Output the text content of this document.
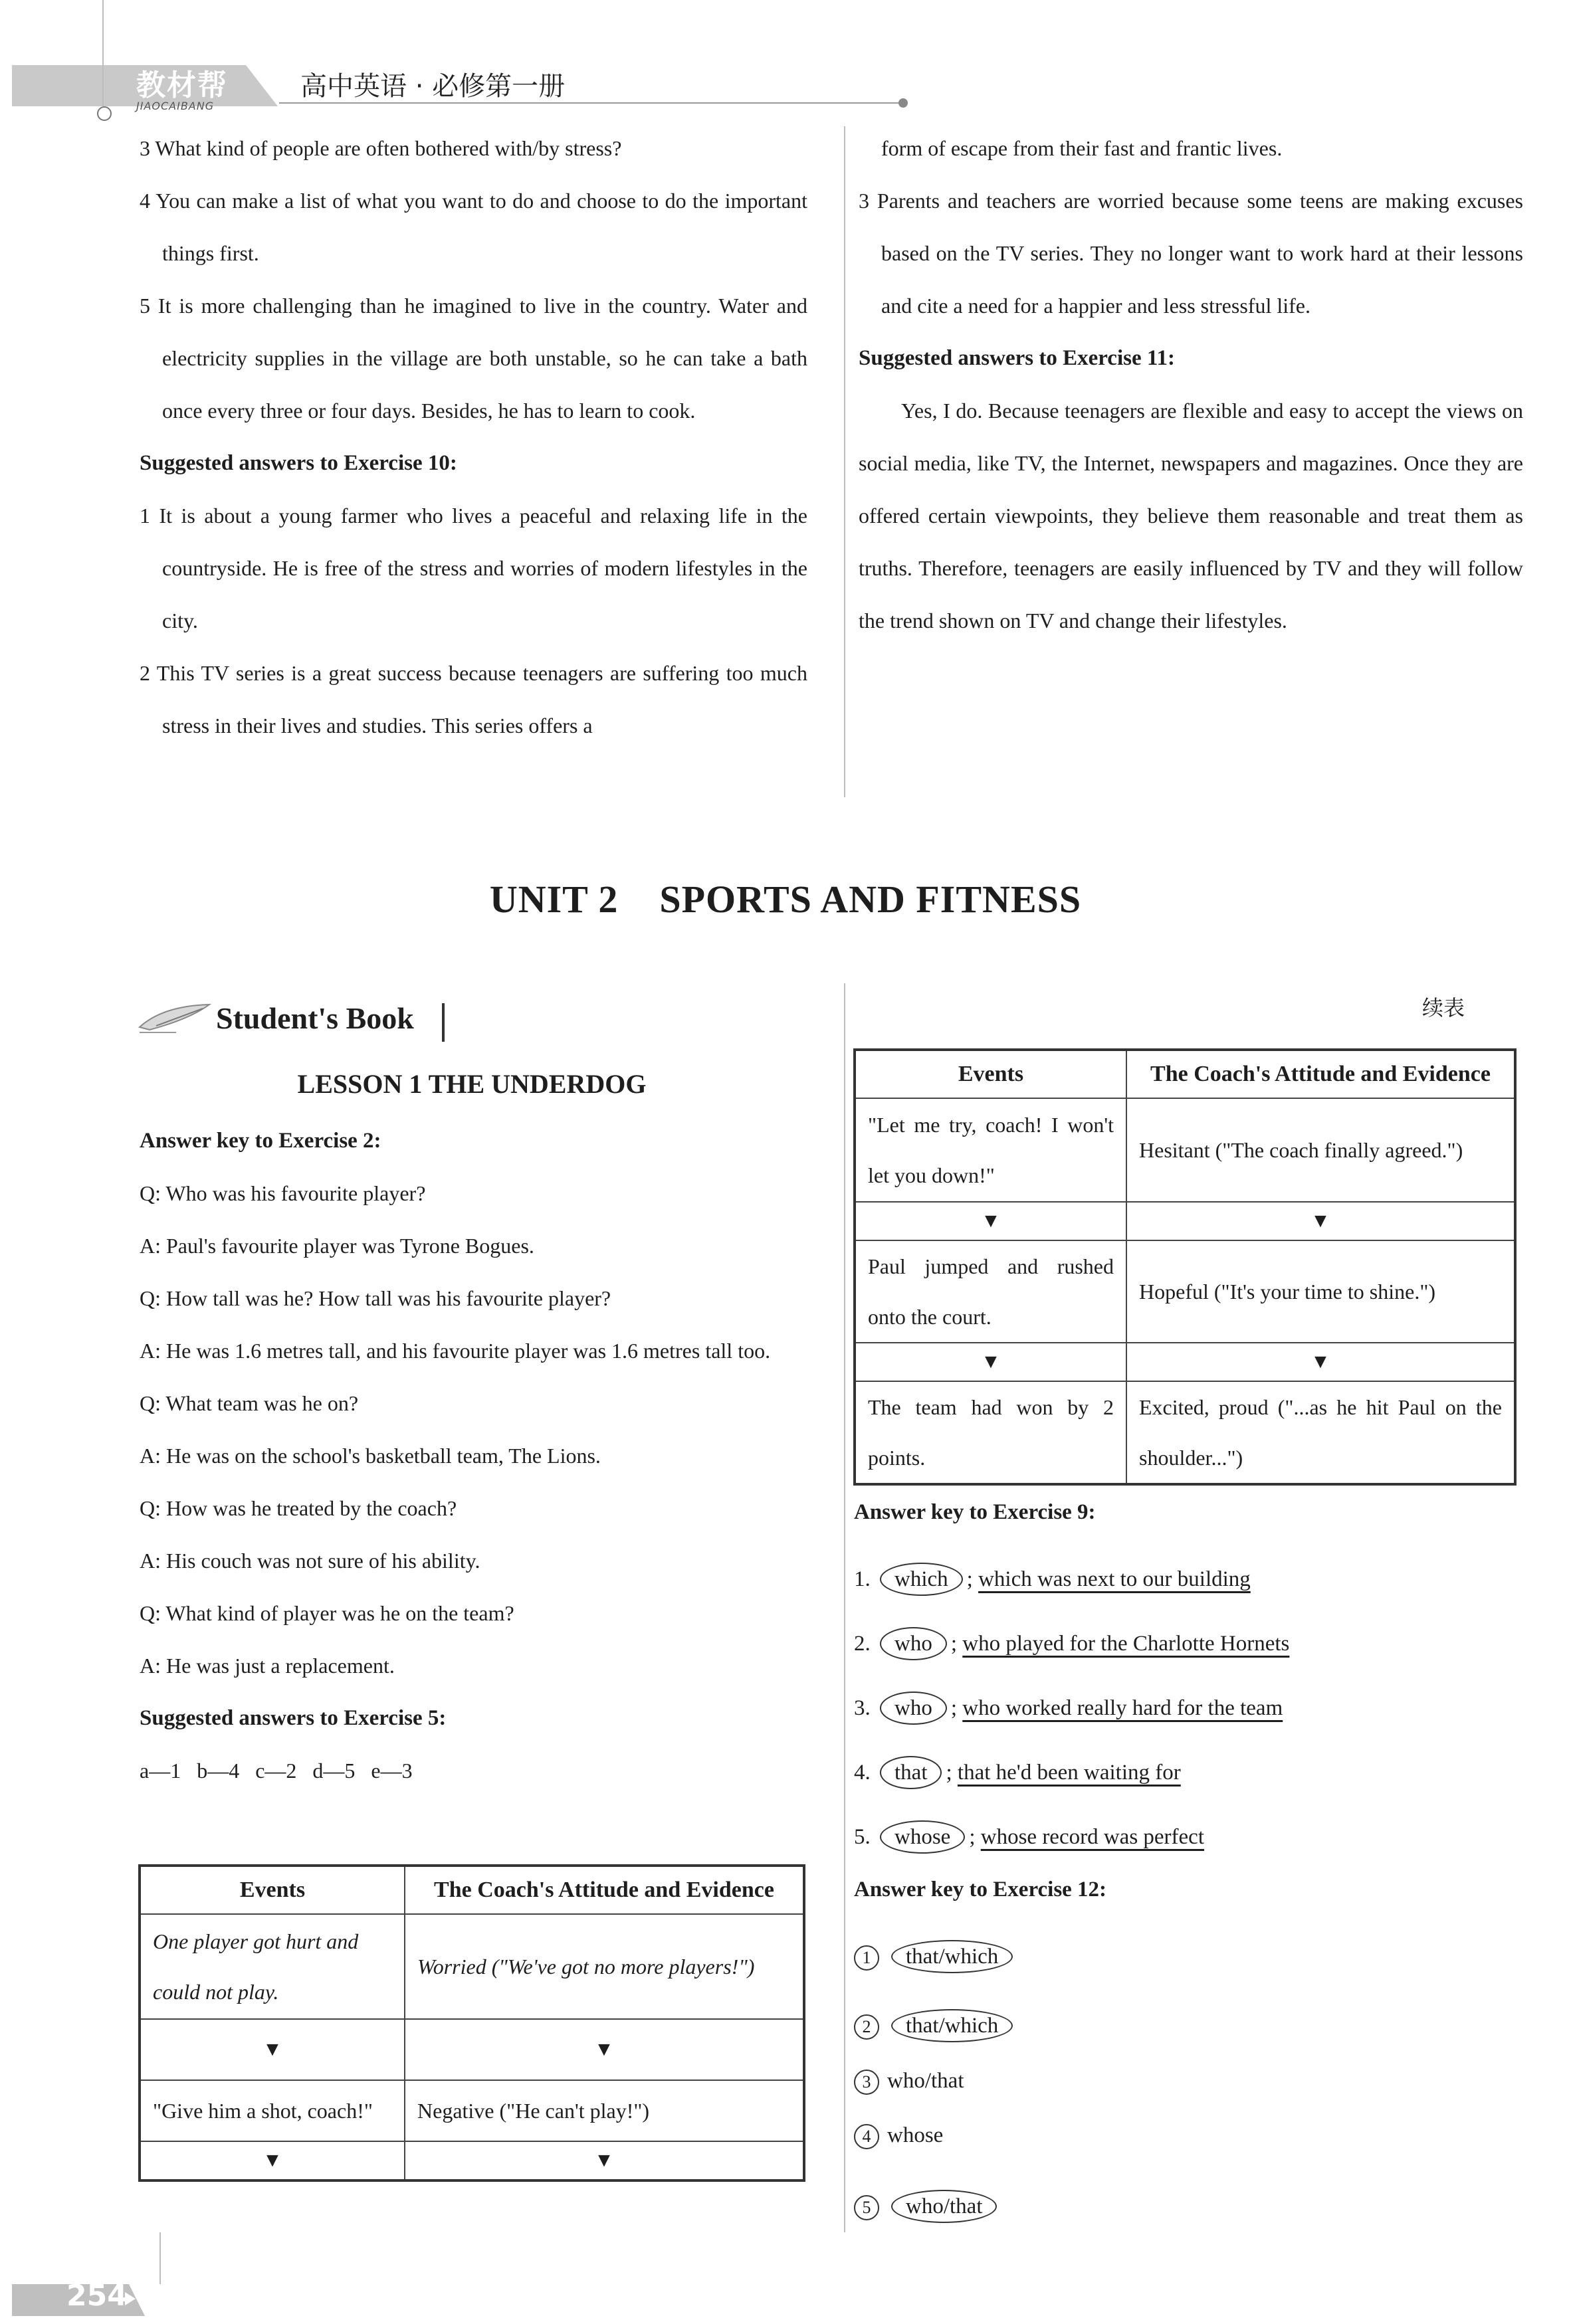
教材帮
JIAOCAIBANG
高中英语 · 必修第一册

3 What kind of people are often bothered with/by stress?

4 You can make a list of what you want to do and choose to do the important things first.

5 It is more challenging than he imagined to live in the country. Water and electricity supplies in the village are both unstable, so he can take a bath once every three or four days. Besides, he has to learn to cook.

Suggested answers to Exercise 10:

1 It is about a young farmer who lives a peaceful and relaxing life in the countryside. He is free of the stress and worries of modern lifestyles in the city.

2 This TV series is a great success because teenagers are suffering too much stress in their lives and studies. This series offers a

form of escape from their fast and frantic lives.

3 Parents and teachers are worried because some teens are making excuses based on the TV series. They no longer want to work hard at their lessons and cite a need for a happier and less stressful life.

Suggested answers to Exercise 11:

Yes, I do. Because teenagers are flexible and easy to accept the views on social media, like TV, the Internet, newspapers and magazines. Once they are offered certain viewpoints, they believe them reasonable and treat them as truths. Therefore, teenagers are easily influenced by TV and they will follow the trend shown on TV and change their lifestyles.

UNIT 2    SPORTS AND FITNESS
Student's Book
LESSON 1 THE UNDERDOG

Answer key to Exercise 2:

Q: Who was his favourite player?

A: Paul's favourite player was Tyrone Bogues.

Q: How tall was he? How tall was his favourite player?

A: He was 1.6 metres tall, and his favourite player was 1.6 metres tall too.

Q: What team was he on?

A: He was on the school's basketball team, The Lions.

Q: How was he treated by the coach?

A: His couch was not sure of his ability.

Q: What kind of player was he on the team?

A: He was just a replacement.

Suggested answers to Exercise 5:

a—1   b—4   c—2   d—5   e—3

Events	The Coach's Attitude and Evidence
One player got hurt and could not play.	Worried ("We've got no more players!")
▼	▼
"Give him a shot, coach!"	Negative ("He can't play!")
▼	▼
续表
Events	The Coach's Attitude and Evidence
"Let me try, coach! I won't let you down!"	Hesitant ("The coach finally agreed.")
▼	▼
Paul jumped and rushed onto the court.	Hopeful ("It's your time to shine.")
▼	▼
The team had won by 2 points.	Excited, proud ("...as he hit Paul on the shoulder...")
Answer key to Exercise 9:
1. which ; which was next to our building
2. who ; who played for the Charlotte Hornets
3. who ; who worked really hard for the team
4. that ; that he'd been waiting for
5. whose ; whose record was perfect
Answer key to Exercise 12:
1 that/which
2 that/which
3 who/that
4 whose
5 who/that
254
